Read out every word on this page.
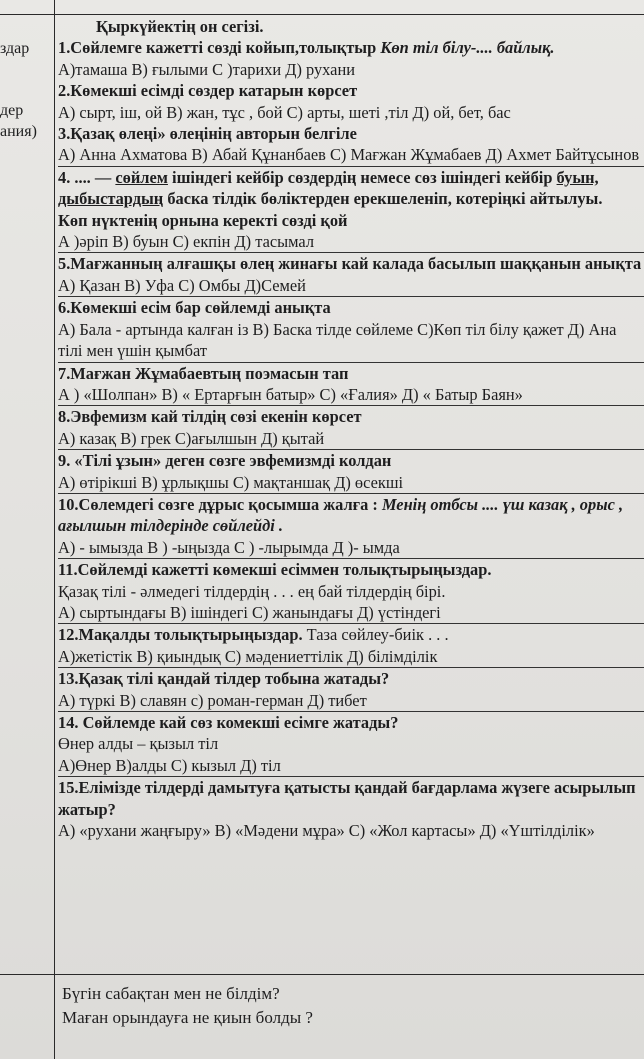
здар
дер
ания)
Қыркүйектің он сегізі.
1.Сөйлемге кажетті сөзді койып,толықтыр Көп тіл білу-.... байлық.
А)тамаша В) ғылыми С )тарихи Д) рухани
2.Көмекші есімді сөздер катарын көрсет
А) сырт, іш, ой В) жан, тұс , бой С) арты, шеті ,тіл Д) ой, бет, бас
3.Қазақ өлеңі» өлеңінің авторын белгіле
А) Анна Ахматова В) Абай Құнанбаев С) Мағжан Жұмабаев Д) Ахмет Байтұсынов
4. .... — сөйлем ішіндегі кейбір сөздердің немесе сөз ішіндегі кейбір буын, дыбыстардың баска тілдік бөліктерден ерекшеленіп, котеріңкі айтылуы.
Көп нүктенің орнына керекті сөзді қой
А )әріп В) буын С) екпін Д) тасымал
5.Мағжанның алғашқы өлең жинағы кай калада басылып шаққанын анықта
А) Қазан В) Уфа С) Омбы Д)Семей
6.Көмекші есім бар сөйлемді анықта
А) Бала - артында калған із В) Баска тілде сөйлеме С)Көп тіл білу қажет Д) Ана тілі мен үшін қымбат
7.Мағжан Жұмабаевтың поэмасын тап
А ) «Шолпан» В) « Ертарғын батыр» С) «Ғалия» Д) « Батыр Баян»
8.Эвфемизм кай тілдің сөзі екенін көрсет
А) казақ В) грек С)ағылшын Д) қытай
9. «Тілі ұзын» деген сөзге эвфемизмді колдан
А) өтірікші В) ұрлықшы С) мақтаншақ Д) өсекші
10.Сөлемдегі сөзге дұрыс қосымша жалға : Менің отбсы .... үш казақ , орыс , ағылшын тілдерінде сөйлейді .
А) - ымызда В ) -ыңызда С ) -лырымда Д )- ымда
11.Сөйлемді кажетті көмекші есіммен толықтырыңыздар.
Қазақ тілі - әлмедегі тілдердің . . . ең бай тілдердің бірі.
А) сыртындағы В) ішіндегі С) жанындағы Д) үстіндегі
12.Мақалды толықтырыңыздар. Таза сөйлеу-биік . . .
А)жетістік В) қиындық С) мәдениеттілік Д) білімділік
13.Қазақ тілі қандай тілдер тобына жатады?
А) түркі В) славян с) роман-герман Д) тибет
14. Сөйлемде кай сөз комекші есімге жатады?
Өнер алды – қызыл тіл
А)Өнер В)алды С) кызыл Д) тіл
15.Елімізде тілдерді дамытуға қатысты қандай бағдарлама жүзеге асырылып жатыр?
А) «рухани жаңғыру» В) «Мәдени мұра» С) «Жол картасы» Д) «Үштілділік»
Бүгін сабақтан мен не білдім?
Маған орындауға не қиын болды ?
